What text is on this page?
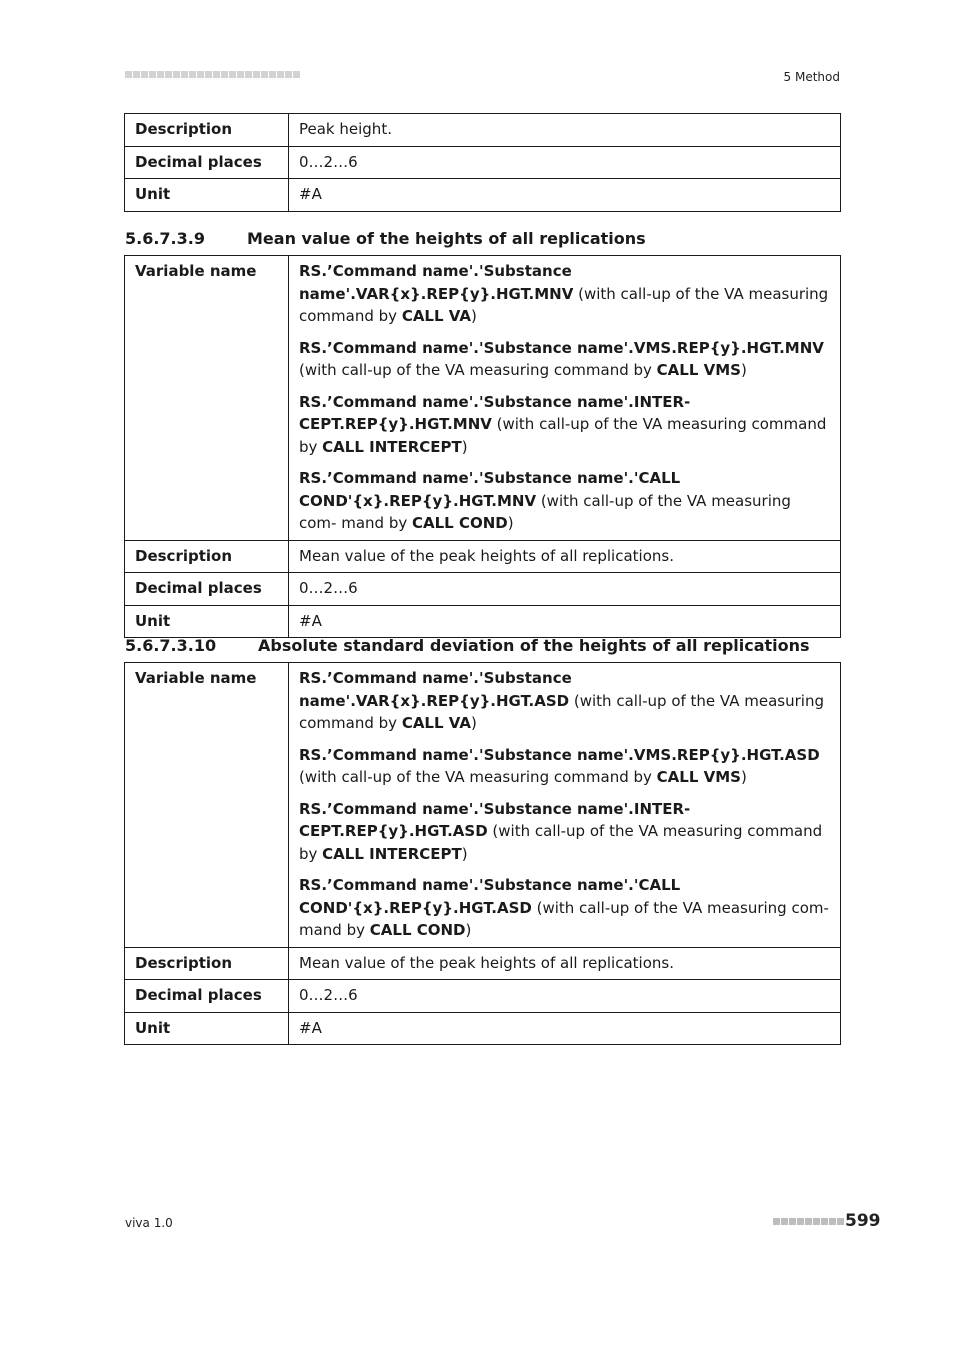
5 Method
Description	Peak height.
Decimal places	0…2…6
Unit	#A
5.6.7.3.9	Mean value of the heights of all replications
Variable name	RS.’Command name'.'Substance name'.VAR{x}.REP{y}.HGT.MNV (with call-up of the VA measuring command by CALL VA)
RS.’Command name'.'Substance name'.VMS.REP{y}.HGT.MNV (with call-up of the VA measuring command by CALL VMS)
RS.’Command name'.'Substance name'.INTER- CEPT.REP{y}.HGT.MNV (with call-up of the VA measuring command by CALL INTERCEPT)
RS.’Command name'.'Substance name'.'CALL COND'{x}.REP{y}.HGT.MNV (with call-up of the VA measuring com- mand by CALL COND)

Description	Mean value of the peak heights of all replications.
Decimal places	0…2…6
Unit	#A
5.6.7.3.10	Absolute standard deviation of the heights of all replications
Variable name	RS.’Command name'.'Substance name'.VAR{x}.REP{y}.HGT.ASD (with call-up of the VA measuring command by CALL VA)
RS.’Command name'.'Substance name'.VMS.REP{y}.HGT.ASD (with call-up of the VA measuring command by CALL VMS)
RS.’Command name'.'Substance name'.INTER- CEPT.REP{y}.HGT.ASD (with call-up of the VA measuring command by CALL INTERCEPT)
RS.’Command name'.'Substance name'.'CALL COND'{x}.REP{y}.HGT.ASD (with call-up of the VA measuring com- mand by CALL COND)

Description	Mean value of the peak heights of all replications.
Decimal places	0…2…6
Unit	#A
viva 1.0	599
